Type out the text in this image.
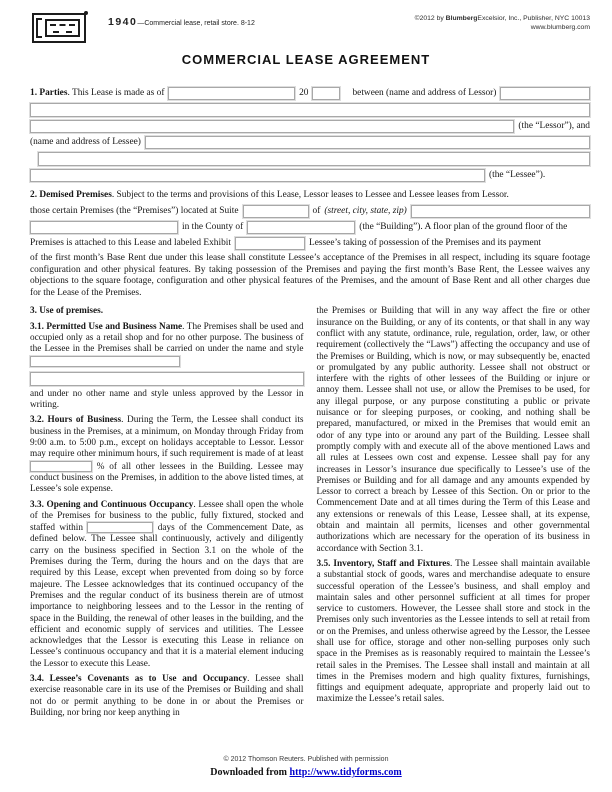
1940—Commercial lease, retail store. 8-12
©2012 by BlumbergExcelsior, Inc., Publisher, NYC 10013
www.blumberg.com
COMMERCIAL LEASE AGREEMENT
1. Parties . This Lease is made as of	20	between (name and address of Lessor)
(the “Lessor”), and
(name and address of Lessee)
(the “Lessee”).
2. Demised Premises . Subject to the terms and provisions of this Lease, Lessor leases to Lessee and Lessee leases from Lessor.
those certain Premises (the “Premises”) located at Suite	of (street, city, state, zip)
in the County of	(the “Building”). A floor plan of the ground floor of the
Premises is attached to this Lease and labeled Exhibit	Lessee’s taking of possession of the Premises and its payment
of the first month’s Base Rent due under this lease shall constitute Lessee’s acceptance of the Premises in all respect, including its square footage configuration and other physical features. By taking possession of the Premises and paying the first month’s Base Rent, the Lessee waives any objections to the square footage, configuration and other physical features of the Premises, and the amount of Base Rent and all other charges due for the Lease of the Premises.

3. Use of premises.

3.1. Permitted Use and Business Name. The Premises shall be used and occupied only as a retail shop and for no other purpose. The business of the Lessee in the Premises shall be carried on under the name and style

and under no other name and style unless approved by the Lessor in writing.

3.2. Hours of Business. During the Term, the Lessee shall conduct its business in the Premises, at a minimum, on Monday through Friday from 9:00 a.m. to 5:00 p.m., except on holidays acceptable to Lessor. Lessor may require other minimum hours, if such requirement is made of at least  % of all other lessees in the Building. Lessee may conduct business on the Premises, in addition to the above listed times, at Lessee’s sole expense.

3.3. Opening and Continuous Occupancy. Lessee shall open the whole of the Premises for business to the public, fully fixtured, stocked and staffed within	days of the Commencement Date, as defined below. The Lessee shall continuously, actively and diligently carry on the business specified in Section 3.1 on the whole of the Premises during the Term, during the hours and on the days that are required by this Lease, except when prevented from doing so by force majeure. The Lessee acknowledges that its continued occupancy of the Premises and the regular conduct of its business therein are of utmost importance to neighboring lessees and to the Lessor in the renting of space in the Building, the renewal of other leases in the building, and the efficient and economic supply of services and utilities. The Lessee acknowledges that the Lessor is executing this Lease in reliance on Lessee’s continuous occupancy and that it is a material element inducing the Lessor to execute this Lease.

3.4. Lessee’s Covenants as to Use and Occupancy. Lessee shall exercise reasonable care in its use of the Premises or Building and shall not do or permit anything to be done in or about the Premises or Building, nor bring nor keep anything in

the Premises or Building that will in any way affect the fire or other insurance on the Building, or any of its contents, or that shall in any way conflict with any statute, ordinance, rule, regulation, order, law, or other requirement (collectively the “Laws”) affecting the occupancy and use of the Premises or Building, which is now, or may subsequently be, enacted or promulgated by any public authority. Lessee shall not obstruct or interfere with the rights of other lessees of the Building or injure or annoy them. Lessee shall not use, or allow the Premises to be used, for any illegal purpose, or any purpose constituting a public or private nuisance or for sleeping purposes, or cooking, and nothing shall be prepared, manufactured, or mixed in the Premises that would emit an odor of any type into or around any part of the Building. Lessee shall promptly comply with and execute all of the above mentioned Laws and all rules at Lessees own cost and expense. Lessee shall pay for any increases in Lessor’s insurance due specifically to Lessee’s use of the Premises or Building and for all damage and any amounts expended by Lessor to correct a breach by Lessee of this Section. On or prior to the Commencement Date and at all times during the Term of this Lease and any extensions or renewals of this Lease, Lessee shall, at its expense, obtain and maintain all permits, licenses and other governmental authorizations which are necessary for the operation of its business in accordance with Section 3.1.

3.5. Inventory, Staff and Fixtures. The Lessee shall maintain available a substantial stock of goods, wares and merchandise adequate to ensure successful operation of the Lessee’s business, and shall employ and maintain sales and other personnel sufficient at all times for proper service to customers. However, the Lessee shall store and stock in the Premises only such inventories as the Lessee intends to sell at retail from or on the Premises, and unless otherwise agreed by the Lessor, the Lessee shall use for office, storage and other non-selling purposes only such space in the Premises as is reasonably required to maintain the Lessee’s retail sales in the Premises. The Lessee shall install and maintain at all times in the Premises modern and high quality fixtures, furnishings, fittings and equipment adequate, appropriate and properly laid out to maximize the Lessee’s retail sales.

© 2012 Thomson Reuters. Published with permission
Downloaded from http://www.tidyforms.com
